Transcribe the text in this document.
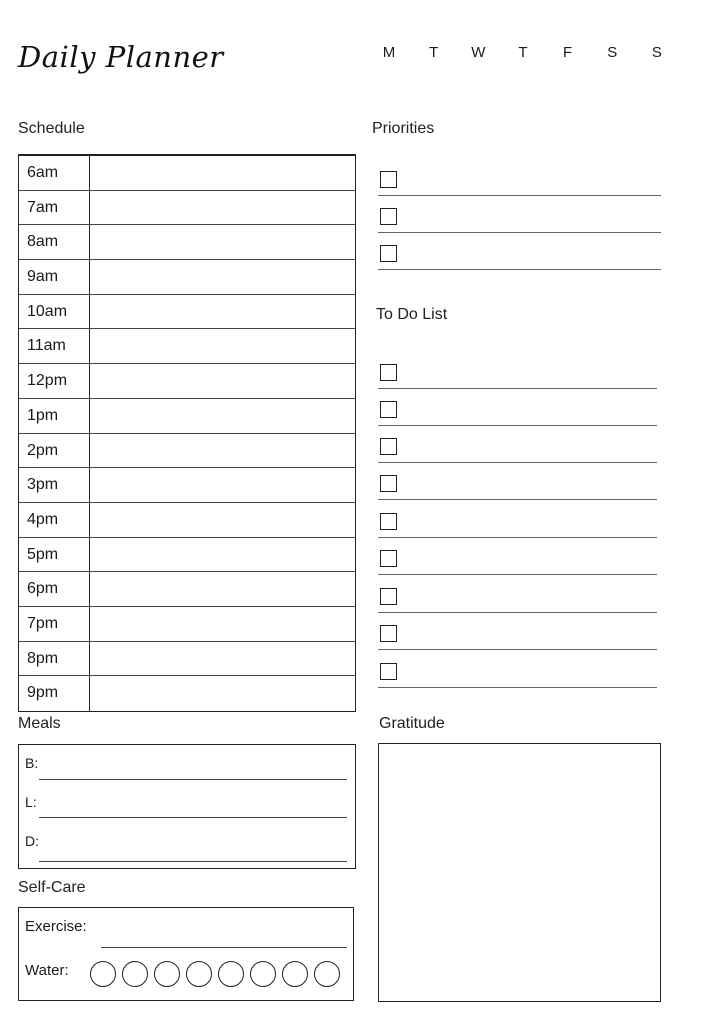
Daily Planner	M	T	W	T	F	S	S
Schedule
6am
7am
8am
9am
10am
11am
12pm
1pm
2pm
3pm
4pm
5pm
6pm
7pm
8pm
9pm
Priorities
To Do List
Meals
B:
L:
D:
Self-Care
Exercise:
Water:
Gratitude
